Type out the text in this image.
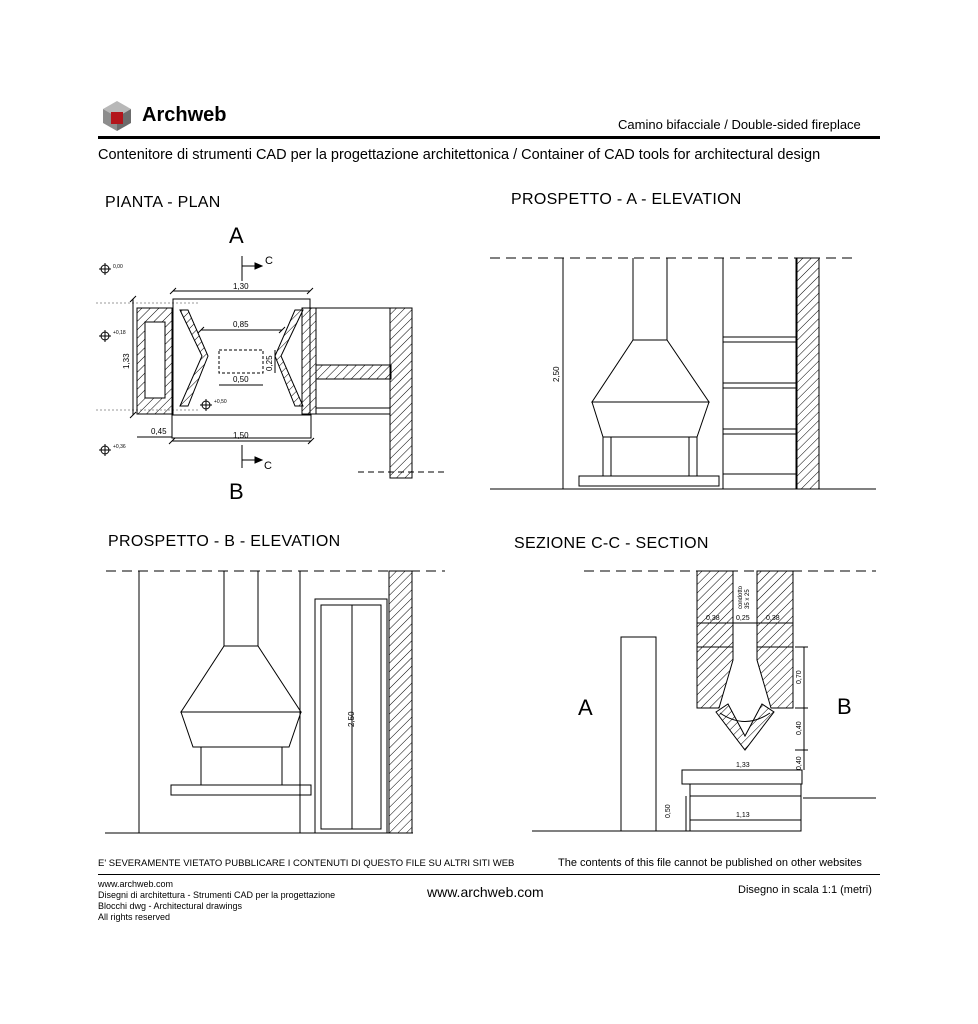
Archweb	Camino bifacciale / Double-sided fireplace
Contenitore di strumenti CAD per la progettazione architettonica / Container of CAD tools for architectural design
PIANTA - PLAN	PROSPETTO - A - ELEVATION
PROSPETTO - B - ELEVATION	SEZIONE C-C - SECTION
A
B
C
C
0,00
+0,18
+0,50
+0,36
1,30
0,85
0,25
0,50
1,33
0,45	1,50
2,50
2,50	A	B
condotto 35 x 25
0,38 0,25 0,38
0,70
0,40
0,40
1,33
1,13
0,50
E' SEVERAMENTE VIETATO PUBBLICARE I CONTENUTI DI QUESTO FILE SU ALTRI SITI WEB	The contents of this file cannot be published on other websites
www.archweb.com
Disegni di architettura - Strumenti CAD per la progettazione
Blocchi dwg - Architectural drawings
All rights reserved
www.archweb.com	Disegno in scala 1:1 (metri)
